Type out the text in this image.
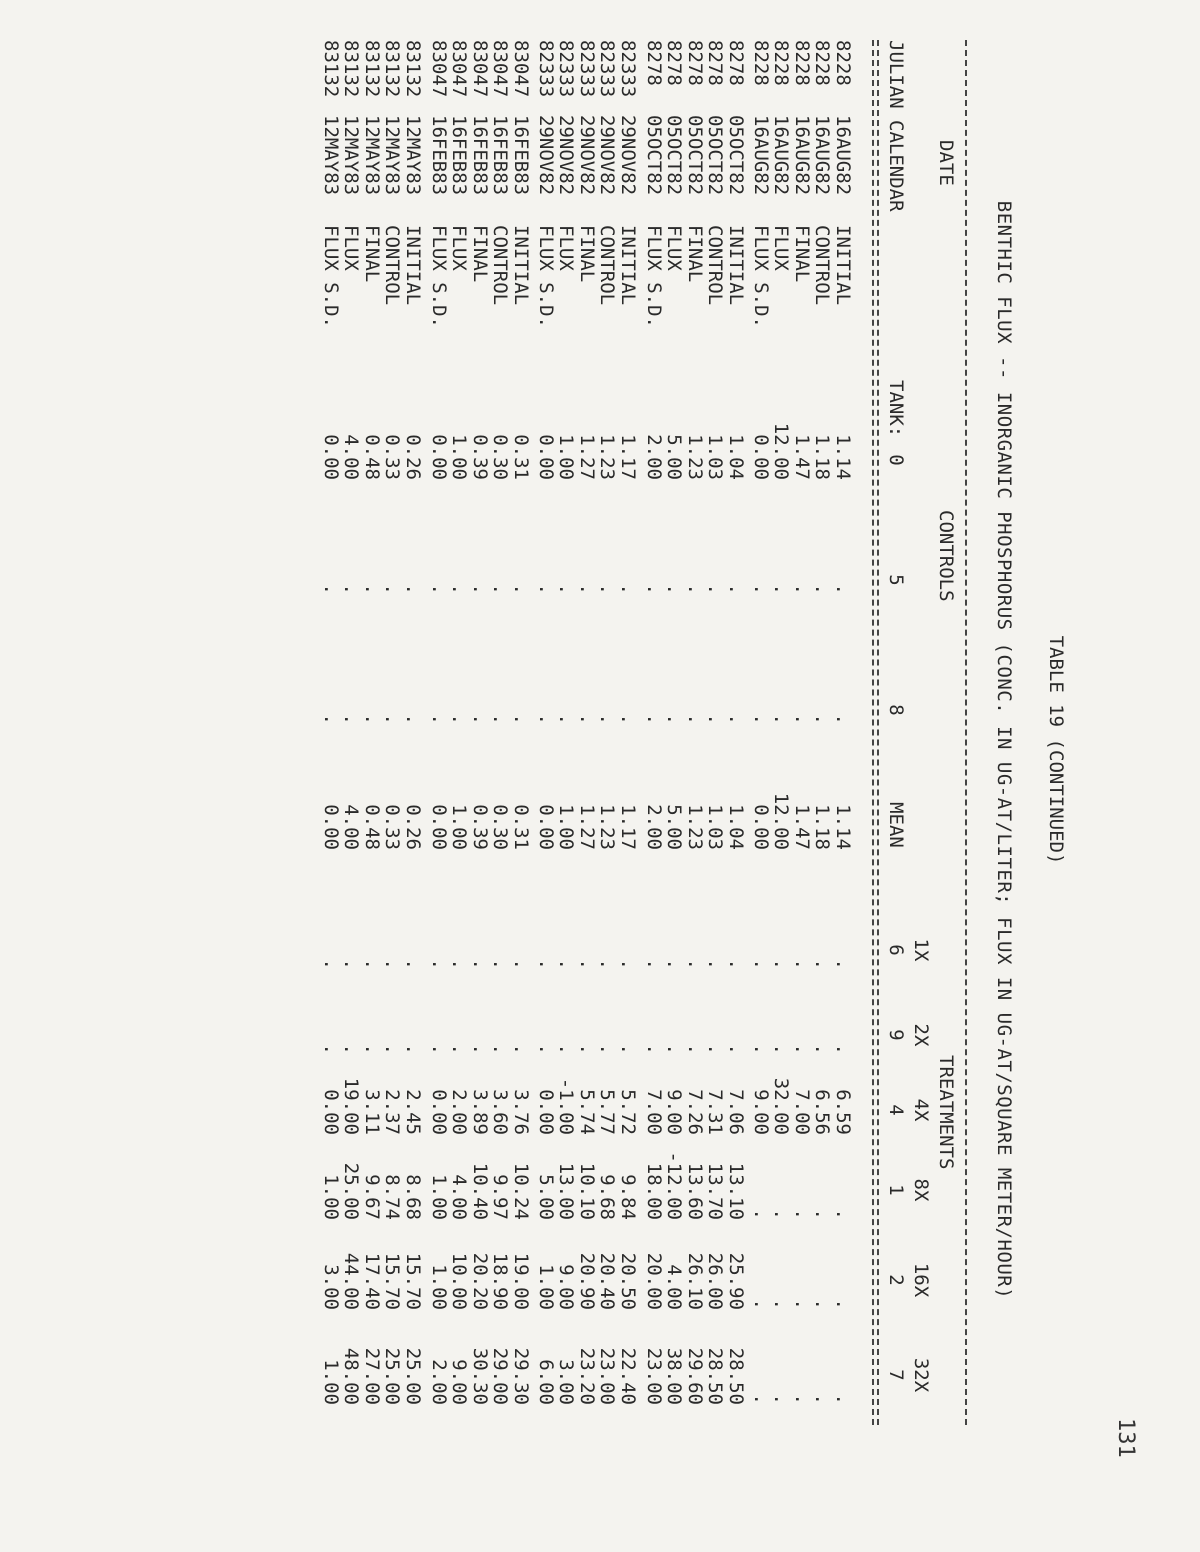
131
TABLE 19 (CONTINUED)
BENTHIC FLUX -- INORGANIC PHOSPHORUS (CONC. IN UG-AT/LITER; FLUX IN UG-AT/SQUARE METER/HOUR)
DATE
CONTROLS
TREATMENTS
1X
2X
4X
8X
16X
32X
JULIAN
CALENDAR
TANK:
0
5
8
MEAN
6
9
4
1
2
7
8228
16AUG82
INITIAL
1.14
.
.
1.14
.
.
6.59
.
.
.
8228
16AUG82
CONTROL
1.18
.
.
1.18
.
.
6.56
.
.
.
8228
16AUG82
FINAL
1.47
.
.
1.47
.
.
7.00
.
.
.
8228
16AUG82
FLUX
12.00
.
.
12.00
.
.
32.00
.
.
.
8228
16AUG82
FLUX S.D.
0.00
.
.
0.00
.
.
9.00
.
.
.
8278
05OCT82
INITIAL
1.04
.
.
1.04
.
.
7.06
13.10
25.90
28.50
8278
05OCT82
CONTROL
1.03
.
.
1.03
.
.
7.31
13.70
26.00
28.50
8278
05OCT82
FINAL
1.23
.
.
1.23
.
.
7.26
13.60
26.10
29.60
8278
05OCT82
FLUX
5.00
.
.
5.00
.
.
9.00
-12.00
4.00
38.00
8278
05OCT82
FLUX S.D.
2.00
.
.
2.00
.
.
7.00
18.00
20.00
23.00
82333
29NOV82
INITIAL
1.17
.
.
1.17
.
.
5.72
9.84
20.50
22.40
82333
29NOV82
CONTROL
1.23
.
.
1.23
.
.
5.77
9.68
20.40
23.00
82333
29NOV82
FINAL
1.27
.
.
1.27
.
.
5.74
10.10
20.90
23.20
82333
29NOV82
FLUX
1.00
.
.
1.00
.
.
-1.00
13.00
9.00
3.00
82333
29NOV82
FLUX S.D.
0.00
.
.
0.00
.
.
0.00
5.00
1.00
6.00
83047
16FEB83
INITIAL
0.31
.
.
0.31
.
.
3.76
10.24
19.00
29.30
83047
16FEB83
CONTROL
0.30
.
.
0.30
.
.
3.60
9.97
18.90
29.00
83047
16FEB83
FINAL
0.39
.
.
0.39
.
.
3.89
10.40
20.20
30.30
83047
16FEB83
FLUX
1.00
.
.
1.00
.
.
2.00
4.00
10.00
9.00
83047
16FEB83
FLUX S.D.
0.00
.
.
0.00
.
.
0.00
1.00
1.00
2.00
83132
12MAY83
INITIAL
0.26
.
.
0.26
.
.
2.45
8.68
15.70
25.00
83132
12MAY83
CONTROL
0.33
.
.
0.33
.
.
2.37
8.74
15.70
25.00
83132
12MAY83
FINAL
0.48
.
.
0.48
.
.
3.11
9.67
17.40
27.00
83132
12MAY83
FLUX
4.00
.
.
4.00
.
.
19.00
25.00
44.00
48.00
83132
12MAY83
FLUX S.D.
0.00
.
.
0.00
.
.
0.00
1.00
3.00
1.00
